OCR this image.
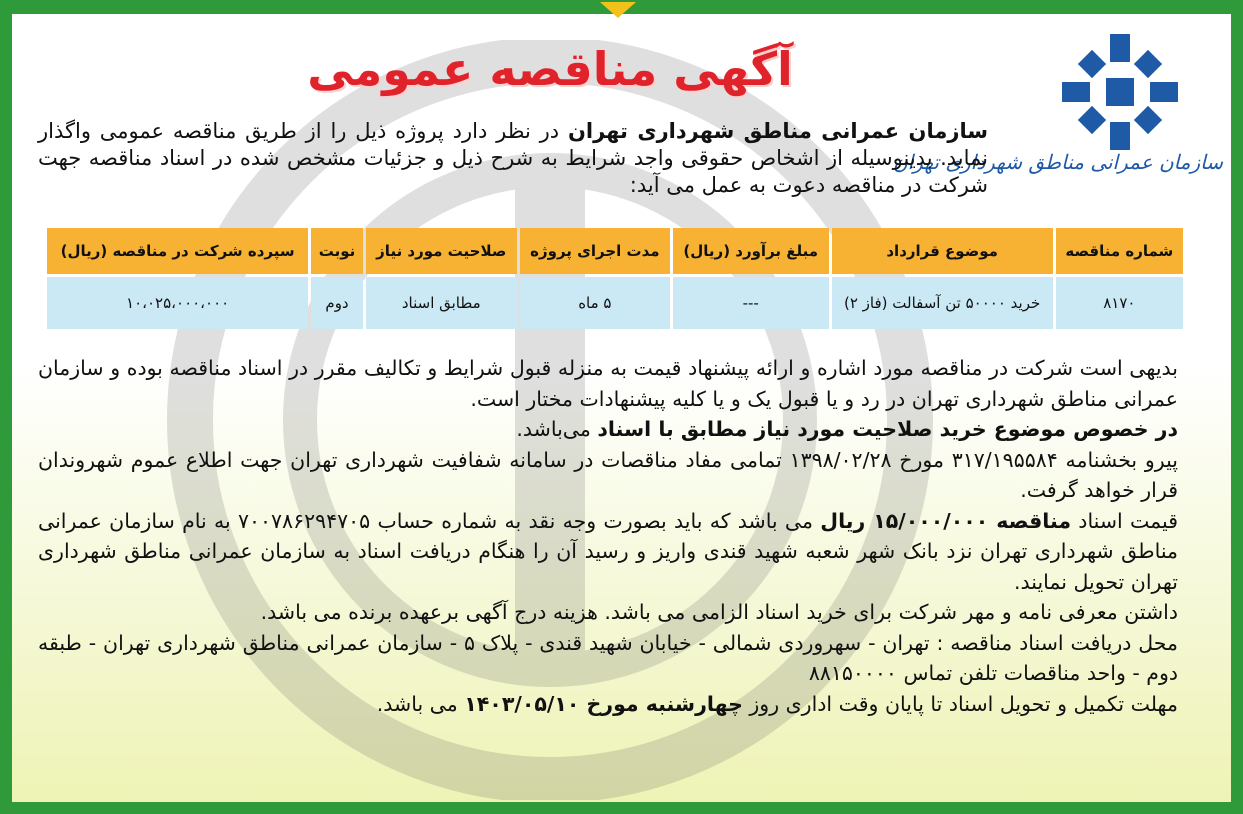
سازمان عمرانی مناطق شهرداری تهران
آگهی مناقصه عمومی
سازمان عمرانی مناطق شهرداری تهران در نظر دارد پروژه ذیل را از طریق مناقصه عمومی واگذار نماید. بدینوسیله از اشخاص حقوقی واجد شرایط به شرح ذیل و جزئیات مشخص شده در اسناد مناقصه جهت شرکت در مناقصه دعوت به عمل می آید:
شماره مناقصه	موضوع قرارداد	مبلغ برآورد (ریال)	مدت اجرای پروژه	صلاحیت مورد نیاز	نوبت	سپرده شرکت در مناقصه (ریال)
۸۱۷۰	خرید ۵۰۰۰۰ تن آسفالت (فاز ۲)	---	۵ ماه	مطابق اسناد	دوم	۱۰،۰۲۵،۰۰۰،۰۰۰
بدیهی است شرکت در مناقصه مورد اشاره و ارائه پیشنهاد قیمت به منزله قبول شرایط و تکالیف مقرر در اسناد مناقصه بوده و سازمان عمرانی مناطق شهرداری تهران در رد و یا قبول یک و یا کلیه پیشنهادات مختار است.
در خصوص موضوع خرید صلاحیت مورد نیاز مطابق با اسناد می‌باشد.
پیرو بخشنامه ۳۱۷/۱۹۵۵۸۴ مورخ ۱۳۹۸/۰۲/۲۸ تمامی مفاد مناقصات در سامانه شفافیت شهرداری تهران جهت اطلاع عموم شهروندان قرار خواهد گرفت.
قیمت اسناد مناقصه ۱۵/۰۰۰/۰۰۰ ریال می باشد که باید بصورت وجه نقد به شماره حساب ۷۰۰۷۸۶۲۹۴۷۰۵ به نام سازمان عمرانی مناطق شهرداری تهران نزد بانک شهر شعبه شهید قندی واریز و رسید آن را هنگام دریافت اسناد به سازمان عمرانی مناطق شهرداری تهران تحویل نمایند.
داشتن معرفی نامه و مهر شرکت برای خرید اسناد الزامی می باشد. هزینه درج آگهی برعهده برنده می باشد.
محل دریافت اسناد مناقصه : تهران - سهروردی شمالی - خیابان شهید قندی - پلاک ۵ - سازمان عمرانی مناطق شهرداری تهران - طبقه دوم - واحد مناقصات تلفن تماس ۸۸۱۵۰۰۰۰
مهلت تکمیل و تحویل اسناد تا پایان وقت اداری روز چهارشنبه مورخ ۱۴۰۳/۰۵/۱۰ می باشد.
